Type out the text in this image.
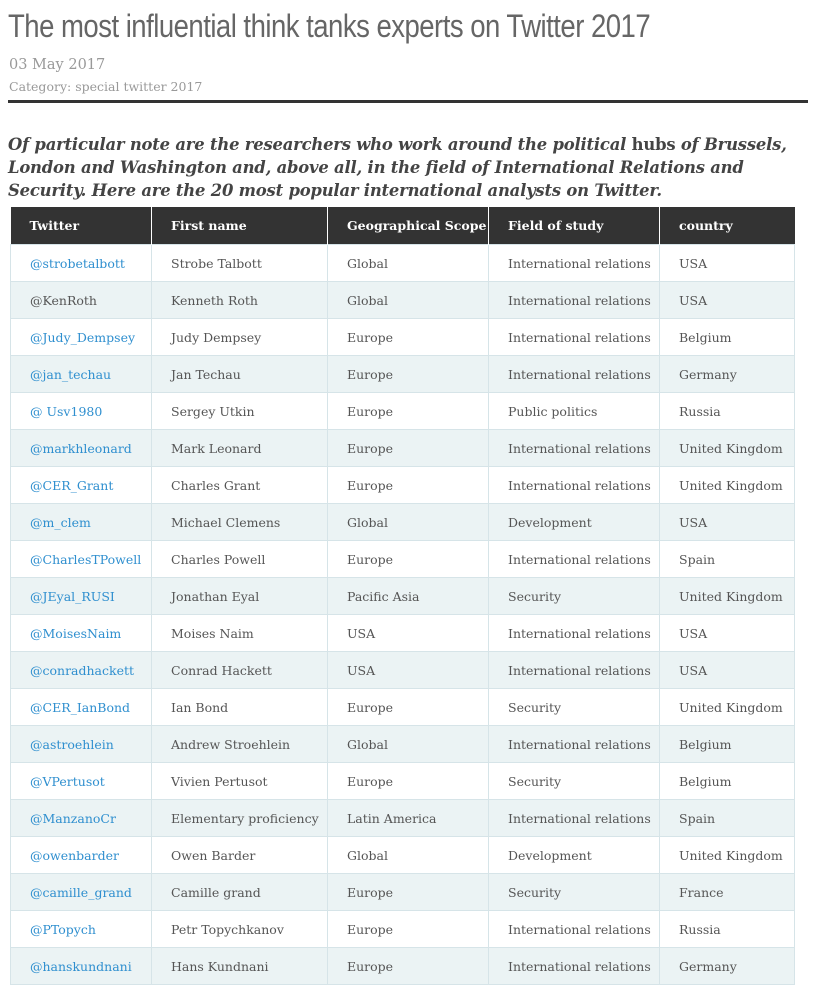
The most influential think tanks experts on Twitter 2017
03 May 2017
Category: special twitter 2017

Of particular note are the researchers who work around the political hubs of Brussels, London and Washington and, above all, in the field of International Relations and Security. Here are the 20 most popular international analysts on Twitter.

Twitter	First name	Geographical Scope	Field of study	country
@strobetalbott	Strobe Talbott	Global	International relations	USA
@KenRoth	Kenneth Roth	Global	International relations	USA
@Judy_Dempsey	Judy Dempsey	Europe	International relations	Belgium
@jan_techau	Jan Techau	Europe	International relations	Germany
@ Usv1980	Sergey Utkin	Europe	Public politics	Russia
@markhleonard	Mark Leonard	Europe	International relations	United Kingdom
@CER_Grant	Charles Grant	Europe	International relations	United Kingdom
@m_clem	Michael Clemens	Global	Development	USA
@CharlesTPowell	Charles Powell	Europe	International relations	Spain
@JEyal_RUSI	Jonathan Eyal	Pacific Asia	Security	United Kingdom
@MoisesNaim	Moises Naim	USA	International relations	USA
@conradhackett	Conrad Hackett	USA	International relations	USA
@CER_IanBond	Ian Bond	Europe	Security	United Kingdom
@astroehlein	Andrew Stroehlein	Global	International relations	Belgium
@VPertusot	Vivien Pertusot	Europe	Security	Belgium
@ManzanoCr	Elementary proficiency	Latin America	International relations	Spain
@owenbarder	Owen Barder	Global	Development	United Kingdom
@camille_grand	Camille grand	Europe	Security	France
@PTopych	Petr Topychkanov	Europe	International relations	Russia
@hanskundnani	Hans Kundnani	Europe	International relations	Germany
